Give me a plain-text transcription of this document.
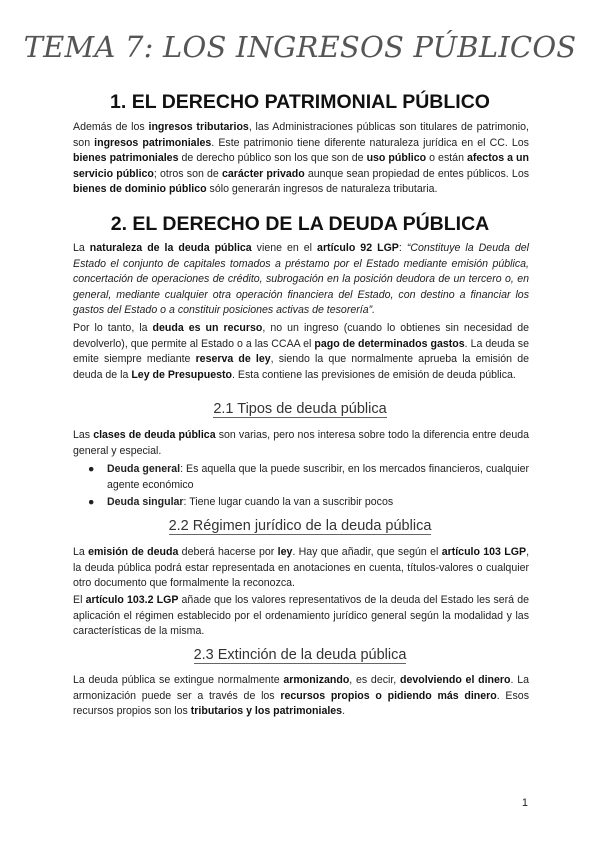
TEMA 7: LOS INGRESOS PÚBLICOS
1. EL DERECHO PATRIMONIAL PÚBLICO

Además de los ingresos tributarios, las Administraciones públicas son titulares de patrimonio, son ingresos patrimoniales. Este patrimonio tiene diferente naturaleza jurídica en el CC. Los bienes patrimoniales de derecho público son los que son de uso público o están afectos a un servicio público; otros son de carácter privado aunque sean propiedad de entes públicos. Los bienes de dominio público sólo generarán ingresos de naturaleza tributaria.

2. EL DERECHO DE LA DEUDA PÚBLICA

La naturaleza de la deuda pública viene en el artículo 92 LGP: “Constituye la Deuda del Estado el conjunto de capitales tomados a préstamo por el Estado mediante emisión pública, concertación de operaciones de crédito, subrogación en la posición deudora de un tercero o, en general, mediante cualquier otra operación financiera del Estado, con destino a financiar los gastos del Estado o a constituir posiciones activas de tesorería”.

Por lo tanto, la deuda es un recurso, no un ingreso (cuando lo obtienes sin necesidad de devolverlo), que permite al Estado o a las CCAA el pago de determinados gastos. La deuda se emite siempre mediante reserva de ley, siendo la que normalmente aprueba la emisión de deuda de la Ley de Presupuesto. Esta contiene las previsiones de emisión de deuda pública.

2.1 Tipos de deuda pública

Las clases de deuda pública son varias, pero nos interesa sobre todo la diferencia entre deuda general y especial.

● Deuda general: Es aquella que la puede suscribir, en los mercados financieros, cualquier agente económico
● Deuda singular: Tiene lugar cuando la van a suscribir pocos
2.2 Régimen jurídico de la deuda pública

La emisión de deuda deberá hacerse por ley. Hay que añadir, que según el artículo 103 LGP, la deuda pública podrá estar representada en anotaciones en cuenta, títulos-valores o cualquier otro documento que formalmente la reconozca.

El artículo 103.2 LGP añade que los valores representativos de la deuda del Estado les será de aplicación el régimen establecido por el ordenamiento jurídico general según la modalidad y las características de la misma.

2.3 Extinción de la deuda pública

La deuda pública se extingue normalmente armonizando, es decir, devolviendo el dinero. La armonización puede ser a través de los recursos propios o pidiendo más dinero. Esos recursos propios son los tributarios y los patrimoniales.

1
